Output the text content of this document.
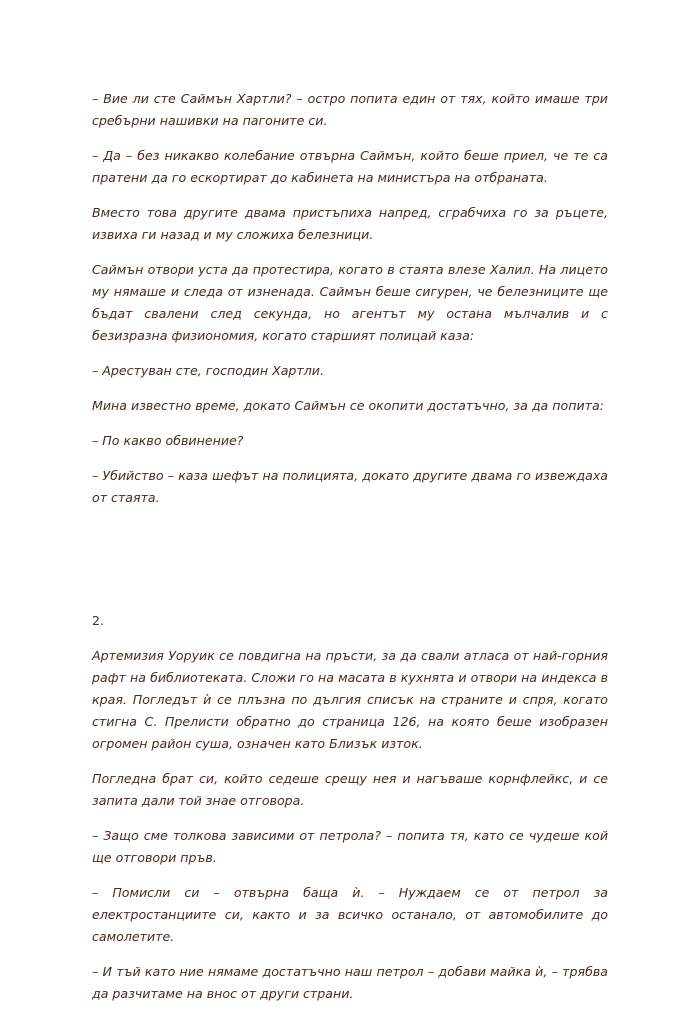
– Вие ли сте Саймън Хартли? – остро попита един от тях, който имаше три сребърни нашивки на пагоните си.

– Да – без никакво колебание отвърна Саймън, който беше приел, че те са пратени да го ескортират до кабинета на министъра на отбраната.

Вместо това другите двама пристъпиха напред, сграбчиха го за ръцете, извиха ги назад и му сложиха белезници.

Саймън отвори уста да протестира, когато в стаята влезе Халил. На лицето му нямаше и следа от изненада. Саймън беше сигурен, че белезниците ще бъдат свалени след секунда, но агентът му остана мълчалив и с безизразна физиономия, когато старшият полицай каза:

– Арестуван сте, господин Хартли.

Мина известно време, докато Саймън се окопити достатъчно, за да попита:

– По какво обвинение?

– Убийство – каза шефът на полицията, докато другите двама го извеждаха от стаята.

2.

Артемизия Уоруик се повдигна на пръсти, за да свали атласа от най-горния рафт на библиотеката. Сложи го на масата в кухнята и отвори на индекса в края. Погледът ѝ се плъзна по дългия списък на страните и спря, когато стигна С. Прелисти обратно до страница 126, на която беше изобразен огромен район суша, означен като Близък изток.

Погледна брат си, който седеше срещу нея и нагъваше корнфлейкс, и се запита дали той знае отговора.

– Защо сме толкова зависими от петрола? – попита тя, като се чудеше кой ще отговори пръв.

– Помисли си – отвърна баща ѝ. – Нуждаем се от петрол за електростанциите си, както и за всичко останало, от автомобилите до самолетите.

– И тъй като ние нямаме достатъчно наш петрол – добави майка ѝ, – трябва да разчитаме на внос от други страни.
